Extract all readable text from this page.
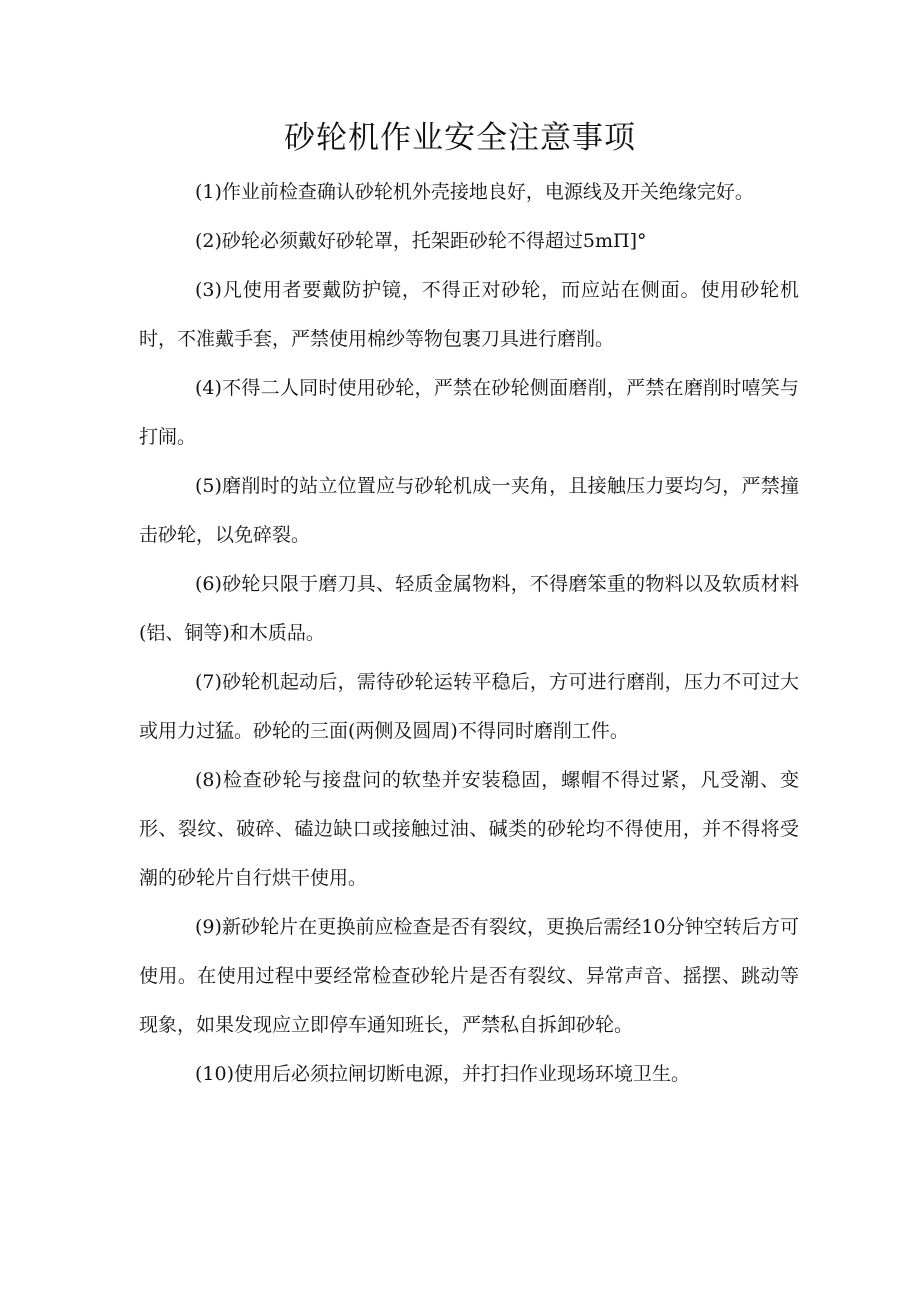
砂轮机作业安全注意事项

(1)作业前检查确认砂轮机外壳接地良好，电源线及开关绝缘完好。

(2)砂轮必须戴好砂轮罩，托架距砂轮不得超过5mΠ]°

(3)凡使用者要戴防护镜，不得正对砂轮，而应站在侧面。使用砂轮机时，不准戴手套，严禁使用棉纱等物包裹刀具进行磨削。

(4)不得二人同时使用砂轮，严禁在砂轮侧面磨削，严禁在磨削时嘻笑与打闹。

(5)磨削时的站立位置应与砂轮机成一夹角，且接触压力要均匀，严禁撞击砂轮，以免碎裂。

(6)砂轮只限于磨刀具、轻质金属物料，不得磨笨重的物料以及软质材料(铝、铜等)和木质品。

(7)砂轮机起动后，需待砂轮运转平稳后，方可进行磨削，压力不可过大或用力过猛。砂轮的三面(两侧及圆周)不得同时磨削工件。

(8)检查砂轮与接盘问的软垫并安装稳固，螺帽不得过紧，凡受潮、变形、裂纹、破碎、磕边缺口或接触过油、碱类的砂轮均不得使用，并不得将受潮的砂轮片自行烘干使用。

(9)新砂轮片在更换前应检查是否有裂纹，更换后需经10分钟空转后方可使用。在使用过程中要经常检查砂轮片是否有裂纹、异常声音、摇摆、跳动等现象，如果发现应立即停车通知班长，严禁私自拆卸砂轮。

(10)使用后必须拉闸切断电源，并打扫作业现场环境卫生。
